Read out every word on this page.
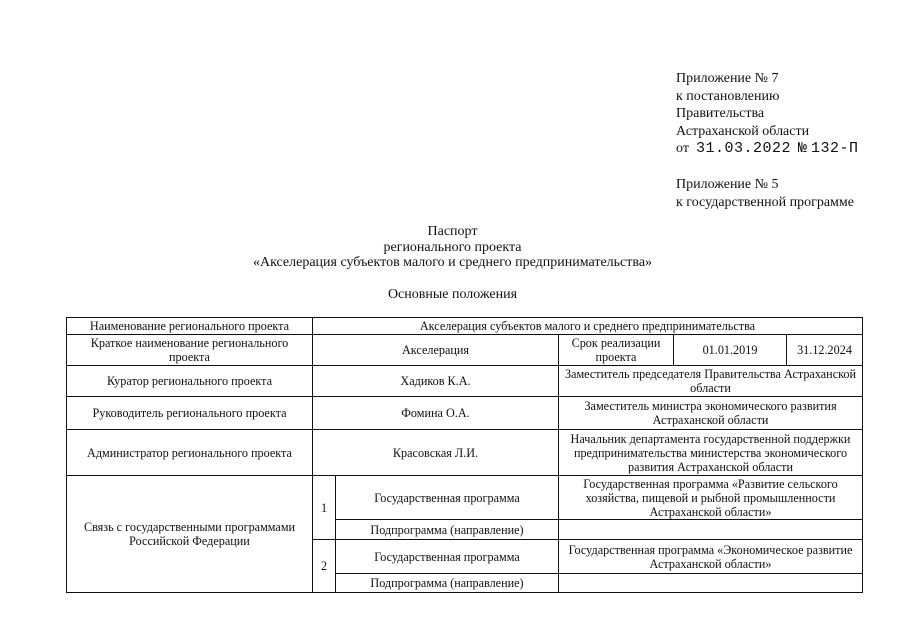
Приложение № 7
к постановлению
Правительства
Астраханской области
от 31.03.2022 № 132-П
Приложение № 5
к государственной программе
Паспорт
регионального проекта
«Акселерация субъектов малого и среднего предпринимательства»
Основные положения
Наименование регионального проекта	Акселерация субъектов малого и среднего предпринимательства				
Краткое наименование регионального проекта	Акселерация		Срок реализации проекта	01.01.2019	31.12.2024
Куратор регионального проекта	Хадиков К.А.		Заместитель председателя Правительства Астраханской области		
Руководитель регионального проекта	Фомина О.А.		Заместитель министра экономического развития Астраханской области		
Администратор регионального проекта	Красовская Л.И.		Начальник департамента государственной поддержки предпринимательства министерства экономического развития Астраханской области		
Связь с государственными программами Российской Федерации	1	Государственная программа	Государственная программа «Развитие сельского хозяйства, пищевой и рыбной промышленности Астраханской области»		
		Подпрограмма (направление)			
	2	Государственная программа	Государственная программа «Экономическое развитие Астраханской области»		
		Подпрограмма (направление)			
